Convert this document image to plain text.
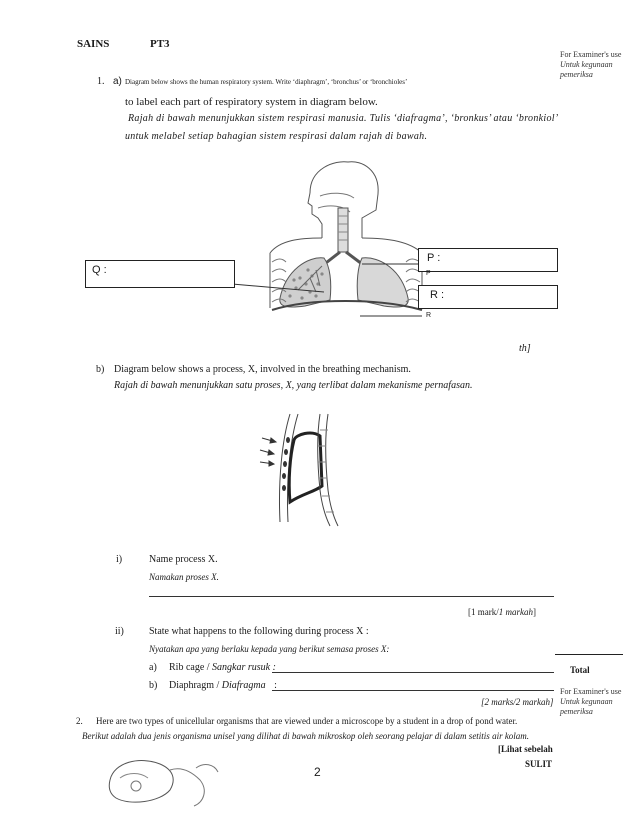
SAINS	PT3
For Examiner's use
Untuk kegunaan pemeriksa
1. a) Diagram below shows the human respiratory system. Write ‘diaphragm’, ‘bronchus’ or ‘bronchioles’
to label each part of respiratory system in diagram below.
Rajah di bawah menunjukkan sistem respirasi manusia. Tulis ‘diafragma’, ‘bronkus’ atau ‘bronkiol’
untuk melabel setiap bahagian sistem respirasi dalam rajah di bawah.
Q :
P :
P
R :
R
th]
b) Diagram below shows a process, X, involved in the breathing mechanism.
Rajah di bawah menunjukkan satu proses, X, yang terlibat dalam mekanisme pernafasan.
i)	Name process X.
Namakan proses X.
[1 mark/1 markah]
ii)	State what happens to the following during process X :
Nyatakan apa yang berlaku kepada yang berikut semasa proses X:
a) Rib cage / Sangkar rusuk :
b) Diaphragm / Diafragma :
[2 marks/2 markah]
Total
For Examiner's use
Untuk kegunaan pemeriksa
2. Here are two types of unicellular organisms that are viewed under a microscope by a student in a drop of pond water.
Berikut adalah dua jenis organisma unisel yang dilihat di bawah mikroskop oleh seorang pelajar di dalam setitis air kolam.
[Lihat sebelah
SULIT
2
